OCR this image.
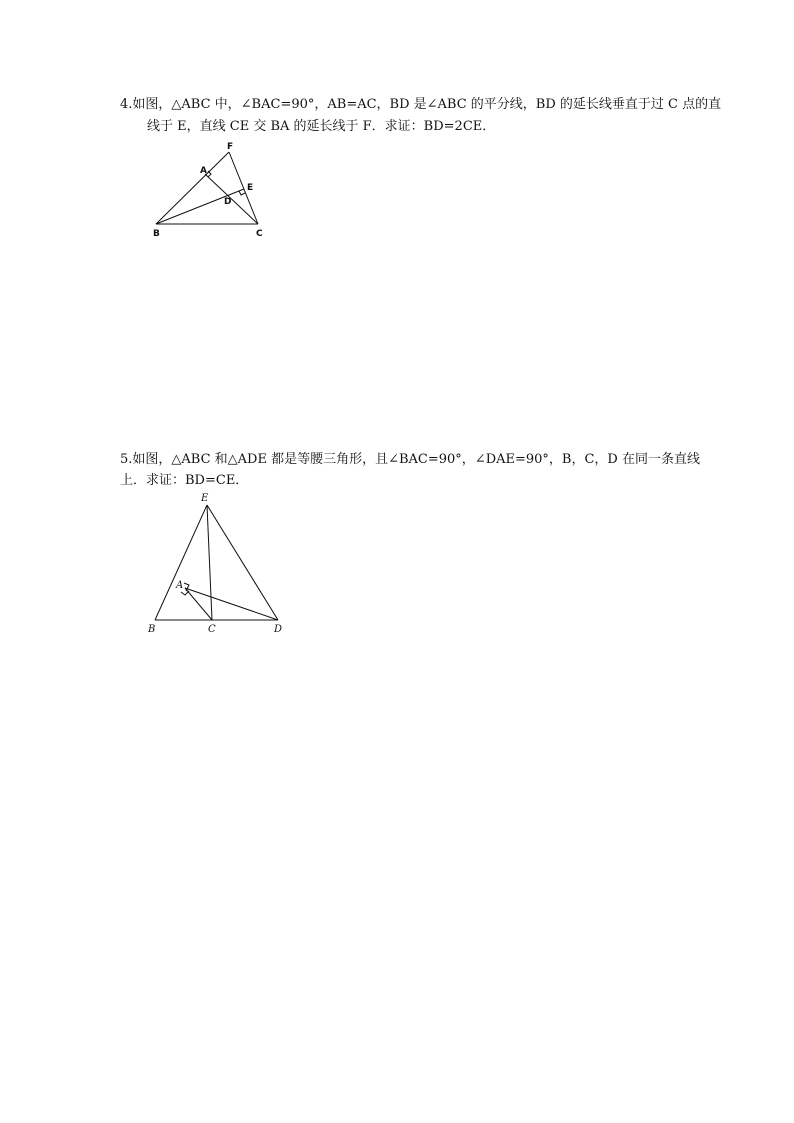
4.如图，△ABC 中，∠BAC=90°，AB=AC，BD 是∠ABC 的平分线，BD 的延长线垂直于过 C 点的直

线于 E，直线 CE 交 BA 的延长线于 F．求证：BD=2CE．

F
A
E
D
B	C

5.如图，△ABC 和△ADE 都是等腰三角形，且∠BAC=90°，∠DAE=90°，B，C，D 在同一条直线

上．求证：BD=CE．

E
A
B	C	D
